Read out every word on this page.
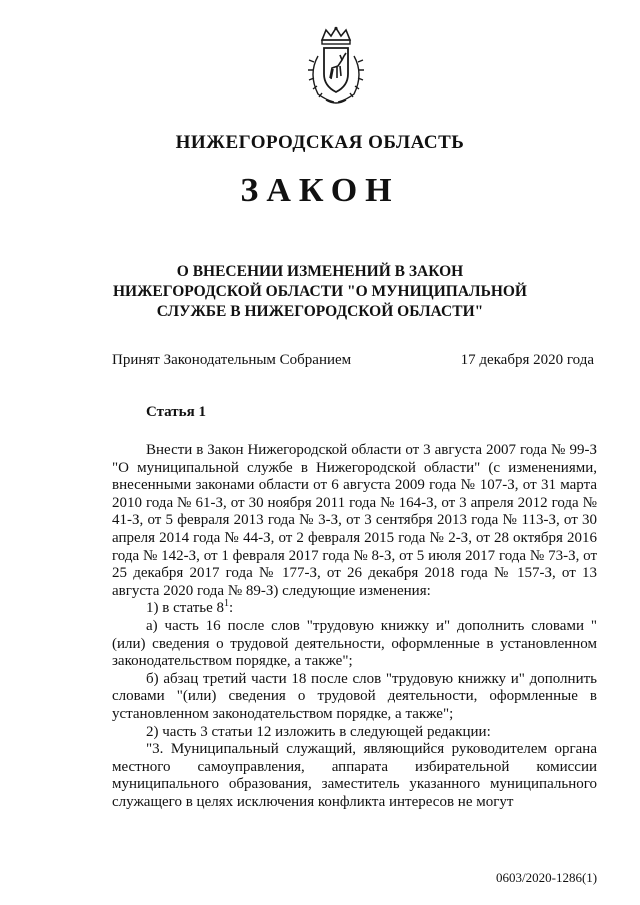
НИЖЕГОРОДСКАЯ ОБЛАСТЬ
ЗАКОН
О ВНЕСЕНИИ ИЗМЕНЕНИЙ В ЗАКОН НИЖЕГОРОДСКОЙ ОБЛАСТИ "О МУНИЦИПАЛЬНОЙ СЛУЖБЕ В НИЖЕГОРОДСКОЙ ОБЛАСТИ"
Принят Законодательным Собранием	17 декабря 2020 года
Статья 1

Внести в Закон Нижегородской области от 3 августа 2007 года № 99-З "О муниципальной службе в Нижегородской области" (с изменениями, внесенными законами области от 6 августа 2009 года № 107-З, от 31 марта 2010 года № 61-З, от 30 ноября 2011 года № 164-З, от 3 апреля 2012 года № 41-З, от 5 февраля 2013 года № 3-З, от 3 сентября 2013 года № 113-З, от 30 апреля 2014 года № 44-З, от 2 февраля 2015 года № 2-З, от 28 октября 2016 года № 142-З, от 1 февраля 2017 года № 8-З, от 5 июля 2017 года № 73-З, от 25 декабря 2017 года № 177-З, от 26 декабря 2018 года № 157-З, от 13 августа 2020 года № 89-З) следующие изменения:

1) в статье $8^1$:

а) часть 16 после слов "трудовую книжку и" дополнить словами "(или) сведения о трудовой деятельности, оформленные в установленном законодательством порядке, а также";

б) абзац третий части 18 после слов "трудовую книжку и" дополнить словами "(или) сведения о трудовой деятельности, оформленные в установленном законодательством порядке, а также";

2) часть 3 статьи 12 изложить в следующей редакции:

"3. Муниципальный служащий, являющийся руководителем органа местного самоуправления, аппарата избирательной комиссии муниципального образования, заместитель указанного муниципального служащего в целях исключения конфликта интересов не могут

0603/2020-1286(1)
